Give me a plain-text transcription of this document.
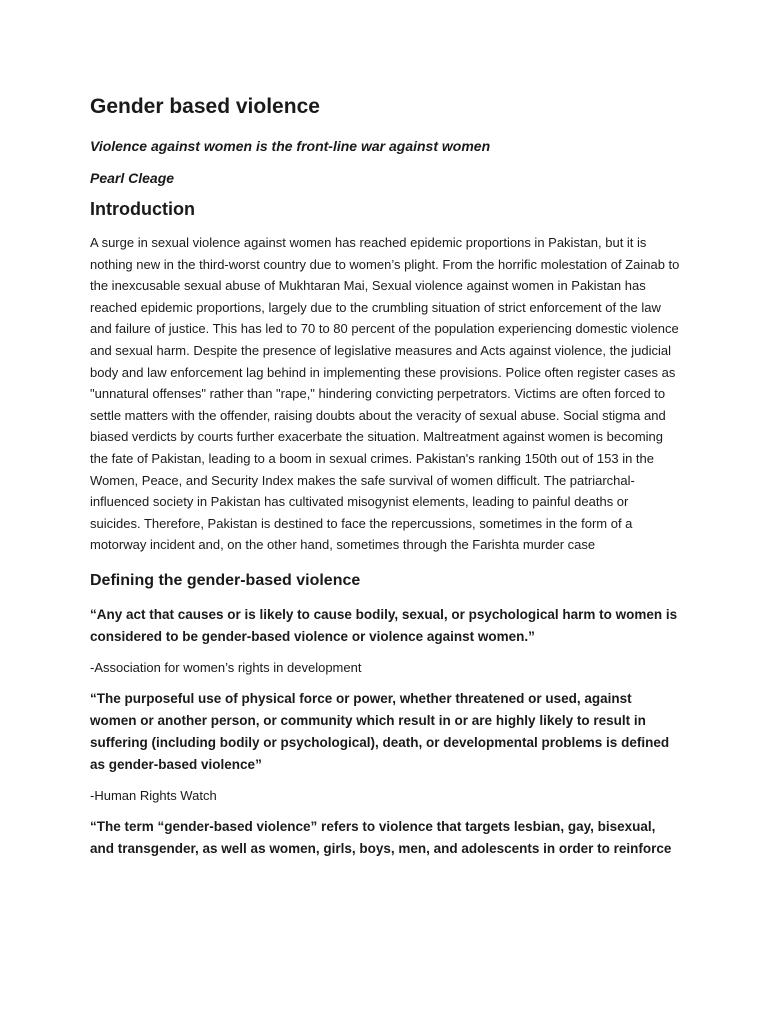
Gender based violence
Violence against women is the front-line war against women
Pearl Cleage
Introduction

A surge in sexual violence against women has reached epidemic proportions in Pakistan, but it is nothing new in the third-worst country due to women’s plight. From the horrific molestation of Zainab to the inexcusable sexual abuse of Mukhtaran Mai, Sexual violence against women in Pakistan has reached epidemic proportions, largely due to the crumbling situation of strict enforcement of the law and failure of justice. This has led to 70 to 80 percent of the population experiencing domestic violence and sexual harm. Despite the presence of legislative measures and Acts against violence, the judicial body and law enforcement lag behind in implementing these provisions. Police often register cases as "unnatural offenses" rather than "rape," hindering convicting perpetrators. Victims are often forced to settle matters with the offender, raising doubts about the veracity of sexual abuse. Social stigma and biased verdicts by courts further exacerbate the situation. Maltreatment against women is becoming the fate of Pakistan, leading to a boom in sexual crimes. Pakistan's ranking 150th out of 153 in the Women, Peace, and Security Index makes the safe survival of women difficult. The patriarchal-influenced society in Pakistan has cultivated misogynist elements, leading to painful deaths or suicides. Therefore, Pakistan is destined to face the repercussions, sometimes in the form of a motorway incident and, on the other hand, sometimes through the Farishta murder case

Defining the gender-based violence

“Any act that causes or is likely to cause bodily, sexual, or psychological harm to women is considered to be gender-based violence or violence against women.”

-Association for women’s rights in development

“The purposeful use of physical force or power, whether threatened or used, against women or another person, or community which result in or are highly likely to result in suffering (including bodily or psychological), death, or developmental problems is defined as gender-based violence”

-Human Rights Watch

“The term “gender-based violence” refers to violence that targets lesbian, gay, bisexual, and transgender, as well as women, girls, boys, men, and adolescents in order to reinforce
